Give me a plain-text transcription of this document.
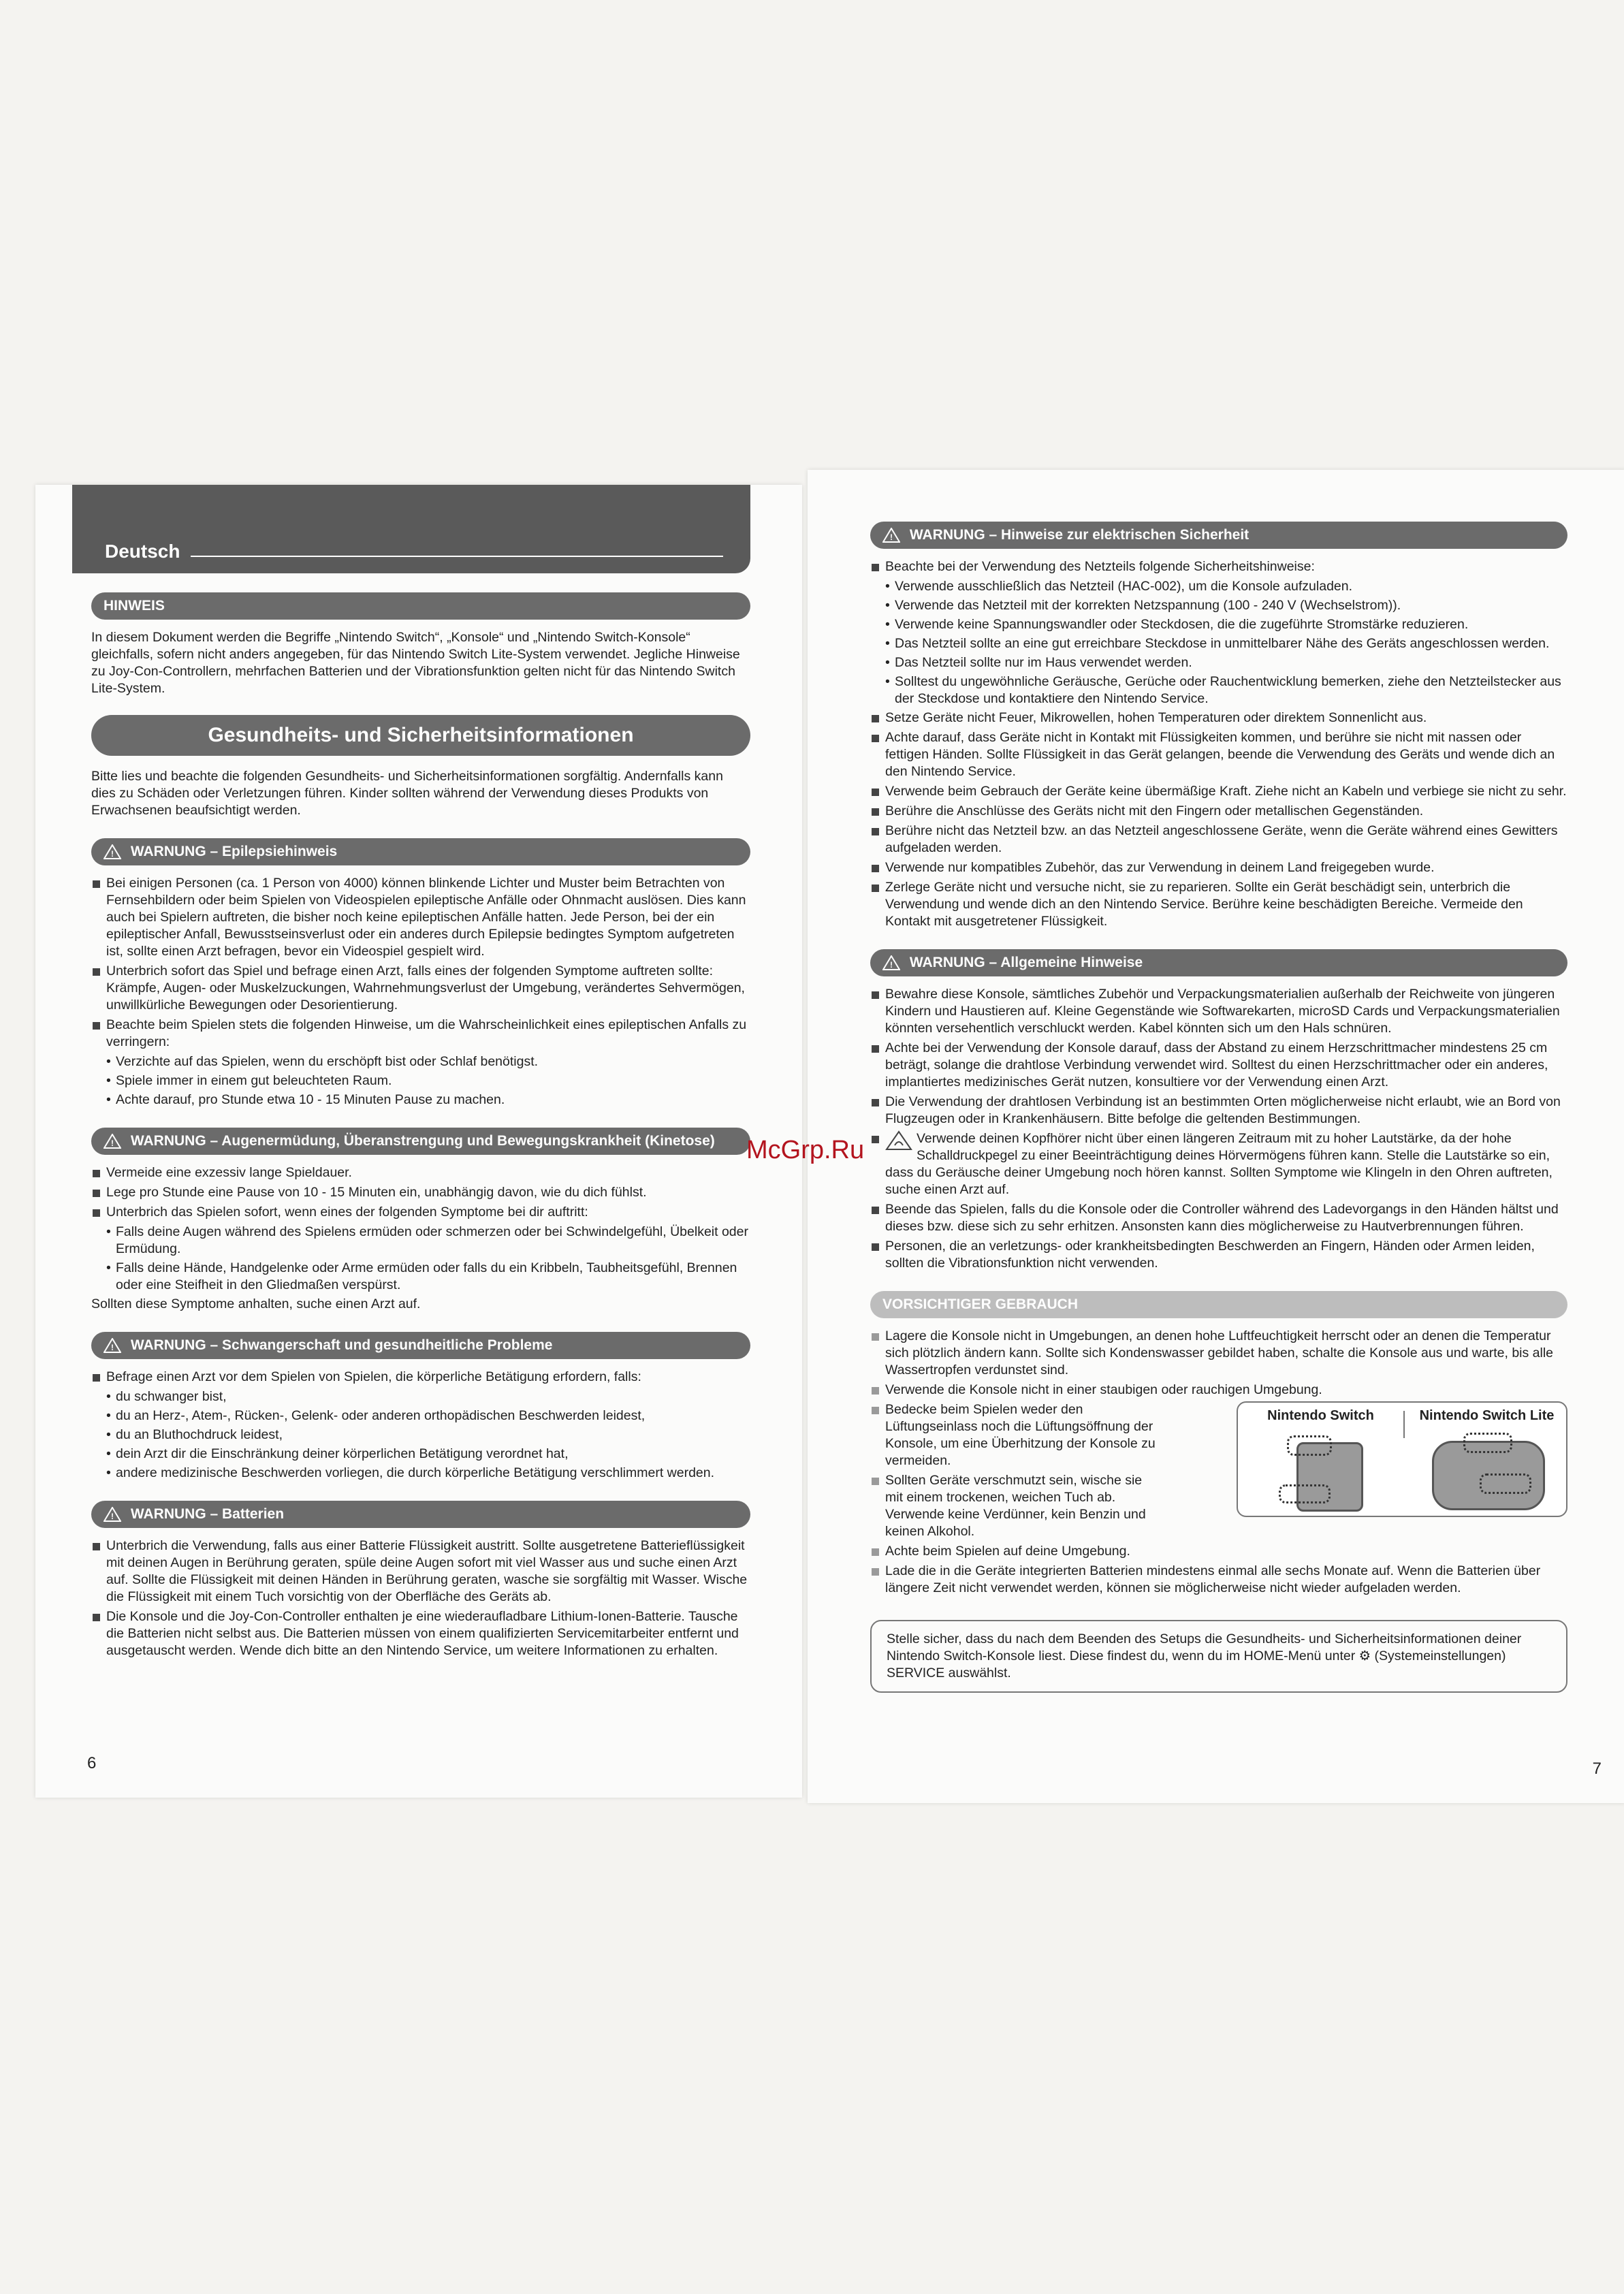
Deutsch
HINWEIS

In diesem Dokument werden die Begriffe „Nintendo Switch“, „Konsole“ und „Nintendo Switch-Konsole“ gleichfalls, sofern nicht anders angegeben, für das Nintendo Switch Lite-System verwendet. Jegliche Hinweise zu Joy-Con-Controllern, mehrfachen Batterien und der Vibrationsfunktion gelten nicht für das Nintendo Switch Lite-System.

Gesundheits- und Sicherheitsinformationen

Bitte lies und beachte die folgenden Gesundheits- und Sicherheitsinformationen sorgfältig. Andernfalls kann dies zu Schäden oder Verletzungen führen. Kinder sollten während der Verwendung dieses Produkts von Erwachsenen beaufsichtigt werden.

! WARNUNG – Epilepsiehinweis
Bei einigen Personen (ca. 1 Person von 4000) können blinkende Lichter und Muster beim Betrachten von Fernsehbildern oder beim Spielen von Videospielen epileptische Anfälle oder Ohnmacht auslösen. Dies kann auch bei Spielern auftreten, die bisher noch keine epileptischen Anfälle hatten. Jede Person, bei der ein epileptischer Anfall, Bewusstseinsverlust oder ein anderes durch Epilepsie bedingtes Symptom aufgetreten ist, sollte einen Arzt befragen, bevor ein Videospiel gespielt wird.
Unterbrich sofort das Spiel und befrage einen Arzt, falls eines der folgenden Symptome auftreten sollte: Krämpfe, Augen- oder Muskelzuckungen, Wahrnehmungsverlust der Umgebung, verändertes Sehvermögen, unwillkürliche Bewegungen oder Desorientierung.
Beachte beim Spielen stets die folgenden Hinweise, um die Wahrscheinlichkeit eines epileptischen Anfalls zu verringern:
• Verzichte auf das Spielen, wenn du erschöpft bist oder Schlaf benötigst.
• Spiele immer in einem gut beleuchteten Raum.
• Achte darauf, pro Stunde etwa 10 - 15 Minuten Pause zu machen.
! WARNUNG – Augenermüdung, Überanstrengung und Bewegungskrankheit (Kinetose)
Vermeide eine exzessiv lange Spieldauer.
Lege pro Stunde eine Pause von 10 - 15 Minuten ein, unabhängig davon, wie du dich fühlst.
Unterbrich das Spielen sofort, wenn eines der folgenden Symptome bei dir auftritt:
• Falls deine Augen während des Spielens ermüden oder schmerzen oder bei Schwindelgefühl, Übelkeit oder Ermüdung.
• Falls deine Hände, Handgelenke oder Arme ermüden oder falls du ein Kribbeln, Taubheitsgefühl, Brennen oder eine Steifheit in den Gliedmaßen verspürst.

Sollten diese Symptome anhalten, suche einen Arzt auf.

! WARNUNG – Schwangerschaft und gesundheitliche Probleme
Befrage einen Arzt vor dem Spielen von Spielen, die körperliche Betätigung erfordern, falls:
• du schwanger bist,
• du an Herz-, Atem-, Rücken-, Gelenk- oder anderen orthopädischen Beschwerden leidest,
• du an Bluthochdruck leidest,
• dein Arzt dir die Einschränkung deiner körperlichen Betätigung verordnet hat,
• andere medizinische Beschwerden vorliegen, die durch körperliche Betätigung verschlimmert werden.
! WARNUNG – Batterien
Unterbrich die Verwendung, falls aus einer Batterie Flüssigkeit austritt. Sollte ausgetretene Batterieflüssigkeit mit deinen Augen in Berührung geraten, spüle deine Augen sofort mit viel Wasser aus und suche einen Arzt auf. Sollte die Flüssigkeit mit deinen Händen in Berührung geraten, wasche sie sorgfältig mit Wasser. Wische die Flüssigkeit mit einem Tuch vorsichtig von der Oberfläche des Geräts ab.
Die Konsole und die Joy-Con-Controller enthalten je eine wiederaufladbare Lithium-Ionen-Batterie. Tausche die Batterien nicht selbst aus. Die Batterien müssen von einem qualifizierten Servicemitarbeiter entfernt und ausgetauscht werden. Wende dich bitte an den Nintendo Service, um weitere Informationen zu erhalten.
6
! WARNUNG – Hinweise zur elektrischen Sicherheit
Beachte bei der Verwendung des Netzteils folgende Sicherheitshinweise:
• Verwende ausschließlich das Netzteil (HAC-002), um die Konsole aufzuladen.
• Verwende das Netzteil mit der korrekten Netzspannung (100 - 240 V (Wechselstrom)).
• Verwende keine Spannungswandler oder Steckdosen, die die zugeführte Stromstärke reduzieren.
• Das Netzteil sollte an eine gut erreichbare Steckdose in unmittelbarer Nähe des Geräts angeschlossen werden.
• Das Netzteil sollte nur im Haus verwendet werden.
• Solltest du ungewöhnliche Geräusche, Gerüche oder Rauchentwicklung bemerken, ziehe den Netzteilstecker aus der Steckdose und kontaktiere den Nintendo Service.
Setze Geräte nicht Feuer, Mikrowellen, hohen Temperaturen oder direktem Sonnenlicht aus.
Achte darauf, dass Geräte nicht in Kontakt mit Flüssigkeiten kommen, und berühre sie nicht mit nassen oder fettigen Händen. Sollte Flüssigkeit in das Gerät gelangen, beende die Verwendung des Geräts und wende dich an den Nintendo Service.
Verwende beim Gebrauch der Geräte keine übermäßige Kraft. Ziehe nicht an Kabeln und verbiege sie nicht zu sehr.
Berühre die Anschlüsse des Geräts nicht mit den Fingern oder metallischen Gegenständen.
Berühre nicht das Netzteil bzw. an das Netzteil angeschlossene Geräte, wenn die Geräte während eines Gewitters aufgeladen werden.
Verwende nur kompatibles Zubehör, das zur Verwendung in deinem Land freigegeben wurde.
Zerlege Geräte nicht und versuche nicht, sie zu reparieren. Sollte ein Gerät beschädigt sein, unterbrich die Verwendung und wende dich an den Nintendo Service. Berühre keine beschädigten Bereiche. Vermeide den Kontakt mit ausgetretener Flüssigkeit.
! WARNUNG – Allgemeine Hinweise
Bewahre diese Konsole, sämtliches Zubehör und Verpackungsmaterialien außerhalb der Reichweite von jüngeren Kindern und Haustieren auf. Kleine Gegenstände wie Softwarekarten, microSD Cards und Verpackungsmaterialien könnten versehentlich verschluckt werden. Kabel könnten sich um den Hals schnüren.
Achte bei der Verwendung der Konsole darauf, dass der Abstand zu einem Herzschrittmacher mindestens 25 cm beträgt, solange die drahtlose Verbindung verwendet wird. Solltest du einen Herzschrittmacher oder ein anderes, implantiertes medizinisches Gerät nutzen, konsultiere vor der Verwendung einen Arzt.
Die Verwendung der drahtlosen Verbindung ist an bestimmten Orten möglicherweise nicht erlaubt, wie an Bord von Flugzeugen oder in Krankenhäusern. Bitte befolge die geltenden Bestimmungen.
Verwende deinen Kopfhörer nicht über einen längeren Zeitraum mit zu hoher Lautstärke, da der hohe Schalldruckpegel zu einer Beeinträchtigung deines Hörvermögens führen kann. Stelle die Lautstärke so ein, dass du Geräusche deiner Umgebung noch hören kannst. Sollten Symptome wie Klingeln in den Ohren auftreten, suche einen Arzt auf.
Beende das Spielen, falls du die Konsole oder die Controller während des Ladevorgangs in den Händen hältst und dieses bzw. diese sich zu sehr erhitzen. Ansonsten kann dies möglicherweise zu Hautverbrennungen führen.
Personen, die an verletzungs- oder krankheitsbedingten Beschwerden an Fingern, Händen oder Armen leiden, sollten die Vibrationsfunktion nicht verwenden.
VORSICHTIGER GEBRAUCH
Lagere die Konsole nicht in Umgebungen, an denen hohe Luftfeuchtigkeit herrscht oder an denen die Temperatur sich plötzlich ändern kann. Sollte sich Kondenswasser gebildet haben, schalte die Konsole aus und warte, bis alle Wassertropfen verdunstet sind.
Verwende die Konsole nicht in einer staubigen oder rauchigen Umgebung.
Nintendo Switch	Nintendo Switch Lite
Bedecke beim Spielen weder den Lüftungseinlass noch die Lüftungsöffnung der Konsole, um eine Überhitzung der Konsole zu vermeiden.
Sollten Geräte verschmutzt sein, wische sie mit einem trockenen, weichen Tuch ab. Verwende keine Verdünner, kein Benzin und keinen Alkohol.
Achte beim Spielen auf deine Umgebung.
Lade die in die Geräte integrierten Batterien mindestens einmal alle sechs Monate auf. Wenn die Batterien über längere Zeit nicht verwendet werden, können sie möglicherweise nicht wieder aufgeladen werden.
Stelle sicher, dass du nach dem Beenden des Setups die Gesundheits- und Sicherheitsinformationen deiner Nintendo Switch-Konsole liest. Diese findest du, wenn du im HOME-Menü unter ⚙ (Systemeinstellungen) SERVICE auswählst.
7
McGrp.Ru
